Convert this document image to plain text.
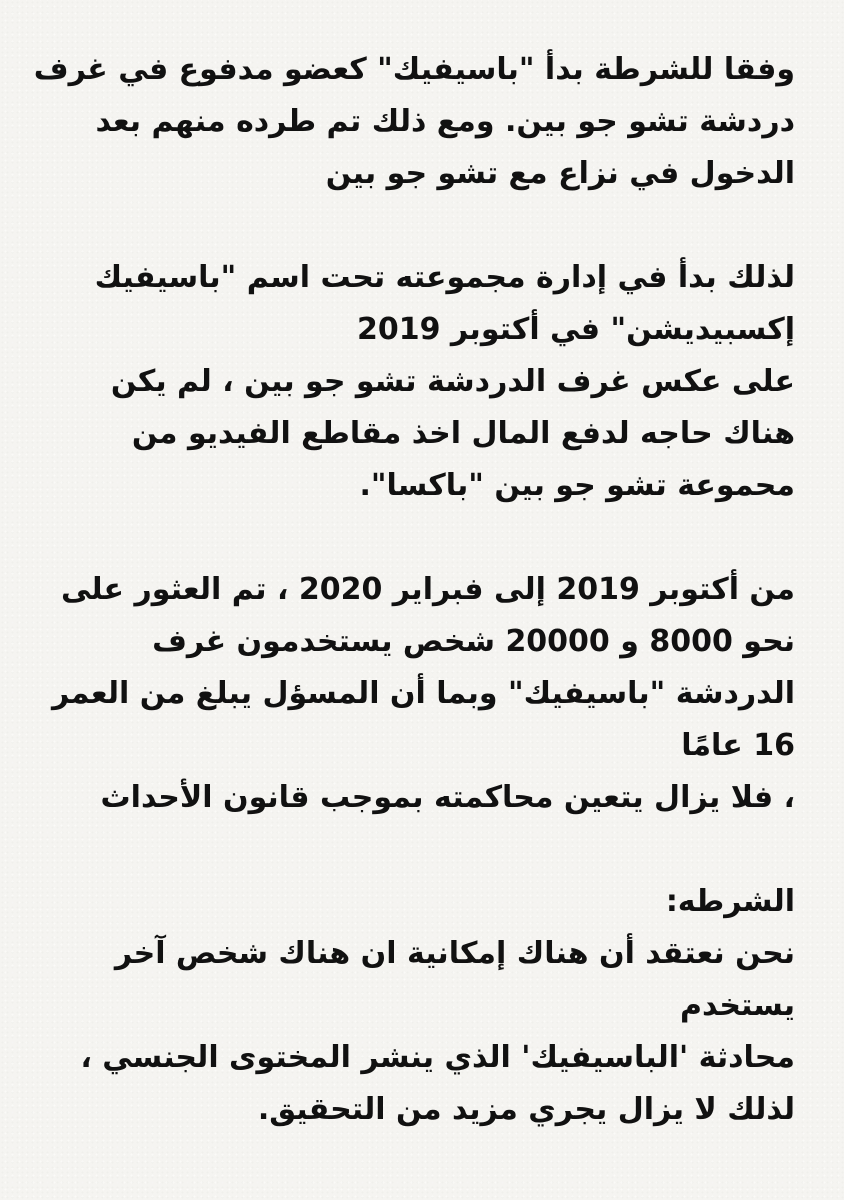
وفقا للشرطة بدأ "باسيفيك" كعضو مدفوع في غرف
دردشة تشو جو بين. ومع ذلك تم طرده منهم بعد
الدخول في نزاع مع تشو جو بين
لذلك بدأ في إدارة مجموعته تحت اسم "باسيفيك
إكسبيديشن" في أكتوبر 2019
على عكس غرف الدردشة تشو جو بين ، لم يكن
هناك حاجه لدفع المال اخذ مقاطع الفيديو من
محموعة تشو جو بين "باكسا".
من أكتوبر 2019 إلى فبراير 2020 ، تم العثور على
نحو 8000 و 20000 شخص يستخدمون غرف
الدردشة "باسيفيك" وبما أن المسؤل يبلغ من العمر
16 عامًا
، فلا يزال يتعين محاكمته بموجب قانون الأحداث
الشرطه:
نحن نعتقد أن هناك إمكانية ان هناك شخص آخر
يستخدم
محادثة 'الباسيفيك' الذي ينشر المختوى الجنسي ،
لذلك لا يزال يجري مزيد من التحقيق.
